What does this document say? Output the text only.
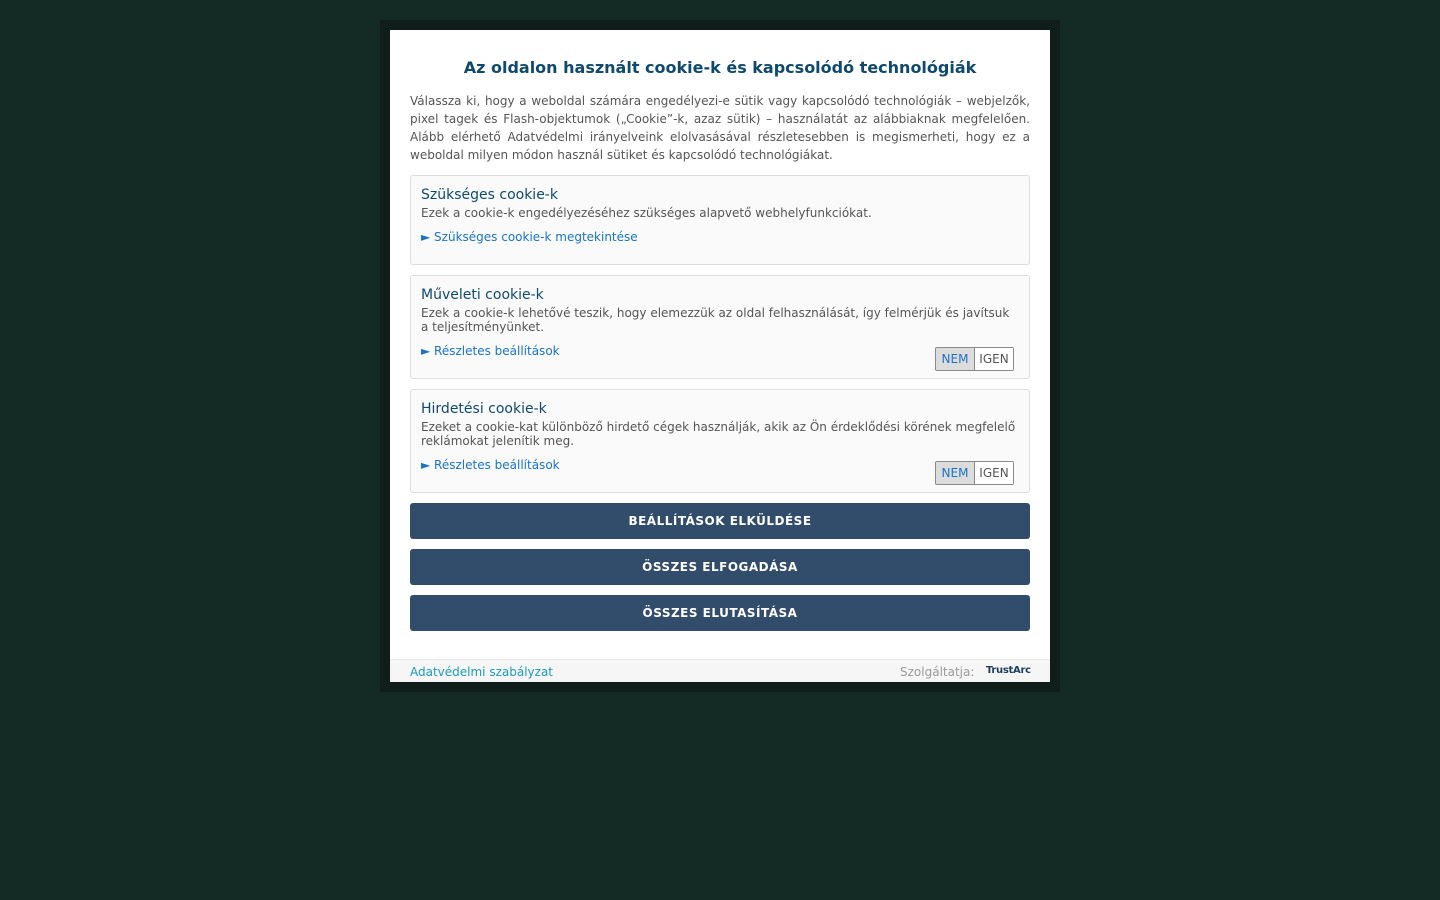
Az oldalon használt cookie-k és kapcsolódó technológiák

Válassza ki, hogy a weboldal számára engedélyezi-e sütik vagy kapcsolódó technológiák – webjelzők, pixel tagek és Flash-objektumok („Cookie”-k, azaz sütik) – használatát az alábbiaknak megfelelően. Alább elérhető Adatvédelmi irányelveink elolvasásával részletesebben is megismerheti, hogy ez a weboldal milyen módon használ sütiket és kapcsolódó technológiákat.

Szükséges cookie-k

Ezek a cookie-k engedélyezéséhez szükséges alapvető webhelyfunkciókat.

► Szükséges cookie-k megtekintése
Műveleti cookie-k

Ezek a cookie-k lehetővé teszik, hogy elemezzük az oldal felhasználását, így felmérjük és javítsuk a teljesítményünket.

► Részletes beállítások
NEM IGEN
Hirdetési cookie-k

Ezeket a cookie-kat különböző hirdető cégek használják, akik az Ön érdeklődési körének megfelelő reklámokat jelenítik meg.

► Részletes beállítások
NEM IGEN
BEÁLLÍTÁSOK ELKÜLDÉSE
ÖSSZES ELFOGADÁSA
ÖSSZES ELUTASÍTÁSA
Adatvédelmi szabályzat	Szolgáltatja: TrustArc
